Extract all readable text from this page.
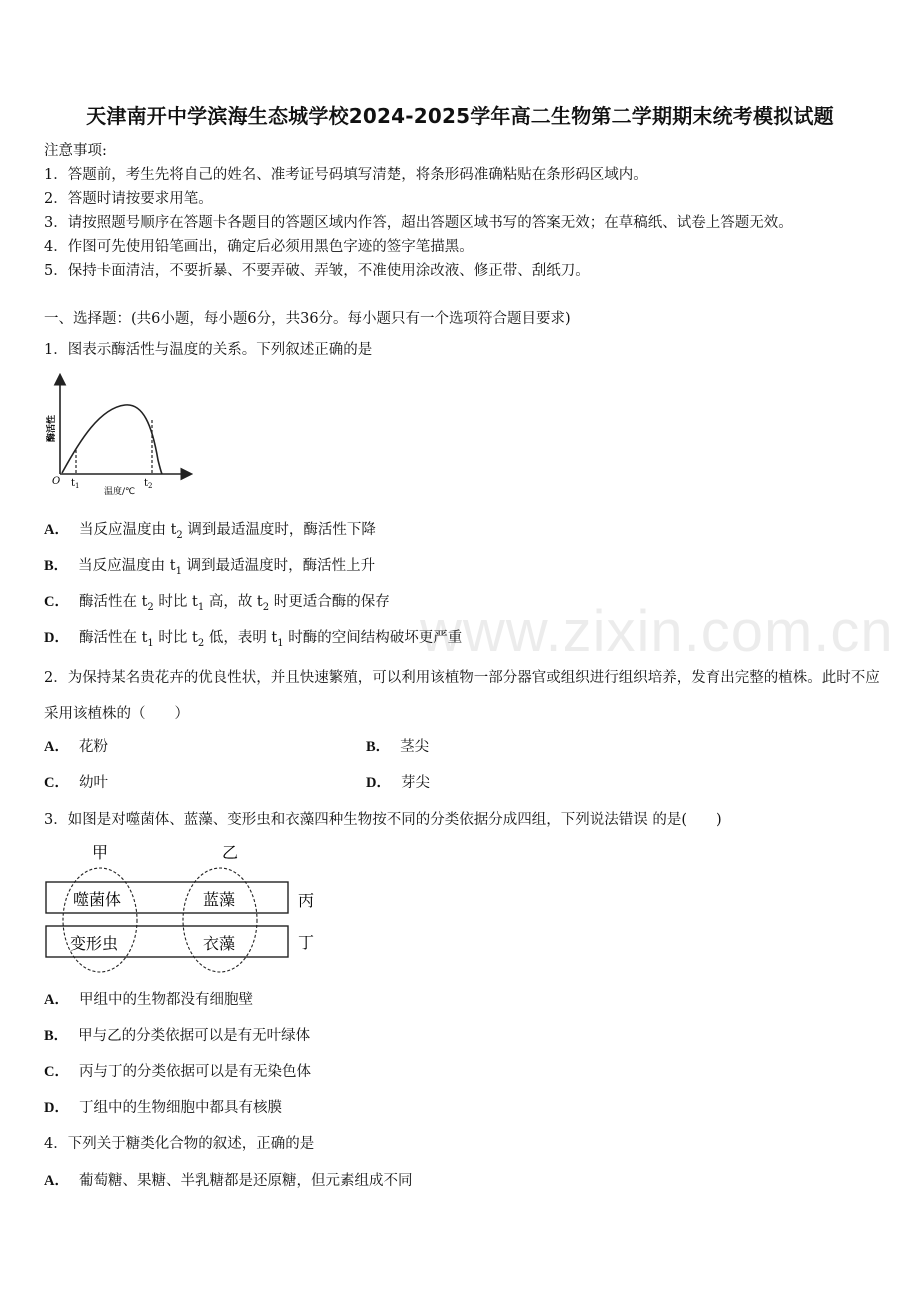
天津南开中学滨海生态城学校2024-2025学年高二生物第二学期期末统考模拟试题
注意事项:
1．答题前，考生先将自己的姓名、准考证号码填写清楚，将条形码准确粘贴在条形码区域内。
2．答题时请按要求用笔。
3．请按照题号顺序在答题卡各题目的答题区域内作答，超出答题区域书写的答案无效；在草稿纸、试卷上答题无效。
4．作图可先使用铅笔画出，确定后必须用黑色字迹的签字笔描黑。
5．保持卡面清洁，不要折暴、不要弄破、弄皱，不准使用涂改液、修正带、刮纸刀。
一、选择题：(共6小题，每小题6分，共36分。每小题只有一个选项符合题目要求)
1．图表示酶活性与温度的关系。下列叙述正确的是
酶活性
O $t_1$
温度/℃
$t_2$
A． 当反应温度由 $t_2$ 调到最适温度时，酶活性下降
B． 当反应温度由 $t_1$ 调到最适温度时，酶活性上升
C． 酶活性在 $t_2$ 时比 $t_1$ 高，故 $t_2$ 时更适合酶的保存
D． 酶活性在 $t_1$ 时比 $t_2$ 低，表明 $t_1$ 时酶的空间结构破坏更严重
www.zixin.com.cn
2．为保持某名贵花卉的优良性状，并且快速繁殖，可以利用该植物一部分器官或组织进行组织培养，发育出完整的植株。此时不应采用该植株的（　　）
A． 花粉	B． 茎尖
C． 幼叶	D． 芽尖
3．如图是对噬菌体、蓝藻、变形虫和衣藻四种生物按不同的分类依据分成四组，下列说法错误 的是(　　)
甲	乙
噬菌体	蓝藻
变形虫	衣藻
丙
丁
A． 甲组中的生物都没有细胞壁
B． 甲与乙的分类依据可以是有无叶绿体
C． 丙与丁的分类依据可以是有无染色体
D． 丁组中的生物细胞中都具有核膜
4．下列关于糖类化合物的叙述，正确的是
A． 葡萄糖、果糖、半乳糖都是还原糖，但元素组成不同
